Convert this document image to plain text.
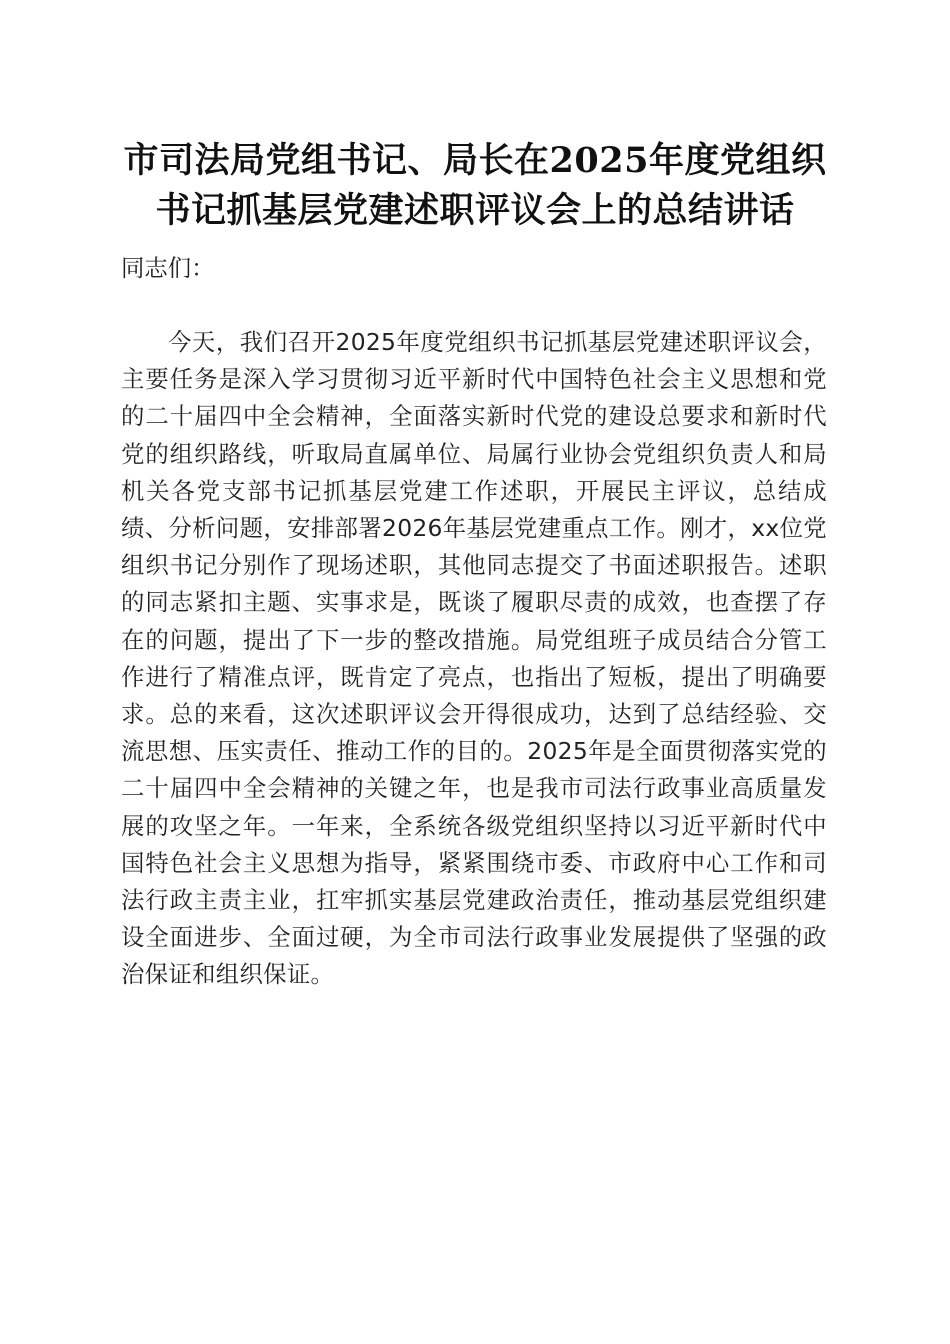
市司法局党组书记、局长在2025年度党组织
书记抓基层党建述职评议会上的总结讲话

同志们：

今天，我们召开2025年度党组织书记抓基层党建述职评议会，主要任务是深入学习贯彻习近平新时代中国特色社会主义思想和党的二十届四中全会精神，全面落实新时代党的建设总要求和新时代党的组织路线，听取局直属单位、局属行业协会党组织负责人和局机关各党支部书记抓基层党建工作述职，开展民主评议，总结成绩、分析问题，安排部署2026年基层党建重点工作。刚才，xx位党组织书记分别作了现场述职，其他同志提交了书面述职报告。述职的同志紧扣主题、实事求是，既谈了履职尽责的成效，也查摆了存在的问题，提出了下一步的整改措施。局党组班子成员结合分管工作进行了精准点评，既肯定了亮点，也指出了短板，提出了明确要求。总的来看，这次述职评议会开得很成功，达到了总结经验、交流思想、压实责任、推动工作的目的。2025年是全面贯彻落实党的二十届四中全会精神的关键之年，也是我市司法行政事业高质量发展的攻坚之年。一年来，全系统各级党组织坚持以习近平新时代中国特色社会主义思想为指导，紧紧围绕市委、市政府中心工作和司法行政主责主业，扛牢抓实基层党建政治责任，推动基层党组织建设全面进步、全面过硬，为全市司法行政事业发展提供了坚强的政治保证和组织保证。
